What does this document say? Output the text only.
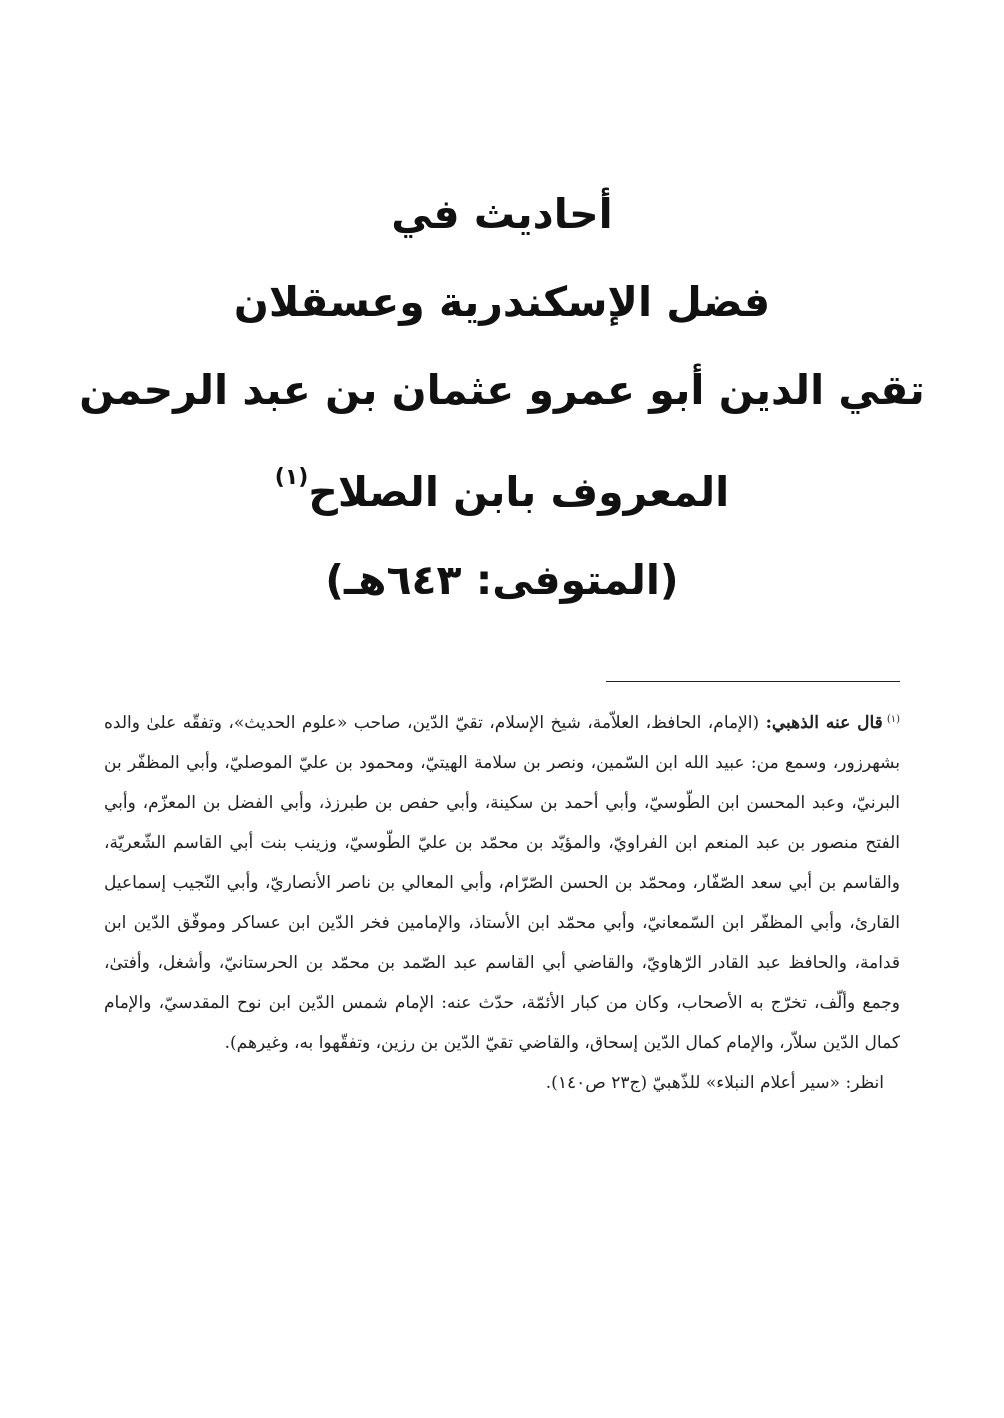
أحاديث في
فضل الإسكندرية وعسقلان
تقي الدين أبو عمرو عثمان بن عبد الرحمن
المعروف بابن الصلاح$^{(١)}$
(المتوفى: ٦٤٣هـ)
$^{(١)}$قال عنه الذهبي: (الإمام، الحافظ، العلاّمة، شيخ الإسلام، تقيّ الدّين، صاحب «علوم الحديث»، وتفقّه علىٰ والده بشهرزور، وسمع من: عبيد الله ابن السّمين، ونصر بن سلامة الهيتيّ، ومحمود بن عليّ الموصليّ، وأبي المظفّر بن البرنيّ، وعبد المحسن ابن الطّوسيّ، وأبي أحمد بن سكينة، وأبي حفص بن طبرزذ، وأبي الفضل بن المعزّم، وأبي الفتح منصور بن عبد المنعم ابن الفراويّ، والمؤيّد بن محمّد بن عليّ الطّوسيّ، وزينب بنت أبي القاسم الشّعريّة، والقاسم بن أبي سعد الصّفّار، ومحمّد بن الحسن الصّرّام، وأبي المعالي بن ناصر الأنصاريّ، وأبي النّجيب إسماعيل القارئ، وأبي المظفّر ابن السّمعانيّ، وأبي محمّد ابن الأستاذ، والإمامين فخر الدّين ابن عساكر وموفّق الدّين ابن قدامة، والحافظ عبد القادر الرّهاويّ، والقاضي أبي القاسم عبد الصّمد بن محمّد بن الحرستانيّ، وأشغل، وأفتىٰ، وجمع وألّف، تخرّج به الأصحاب، وكان من كبار الأئمّة، حدّث عنه: الإمام شمس الدّين ابن نوح المقدسيّ، والإمام كمال الدّين سلاّر، والإمام كمال الدّين إسحاق، والقاضي تقيّ الدّين بن رزين، وتفقّهوا به، وغيرهم).
انظر: «سير أعلام النبلاء» للذّهبيّ (ج٢٣ ص١٤٠).
